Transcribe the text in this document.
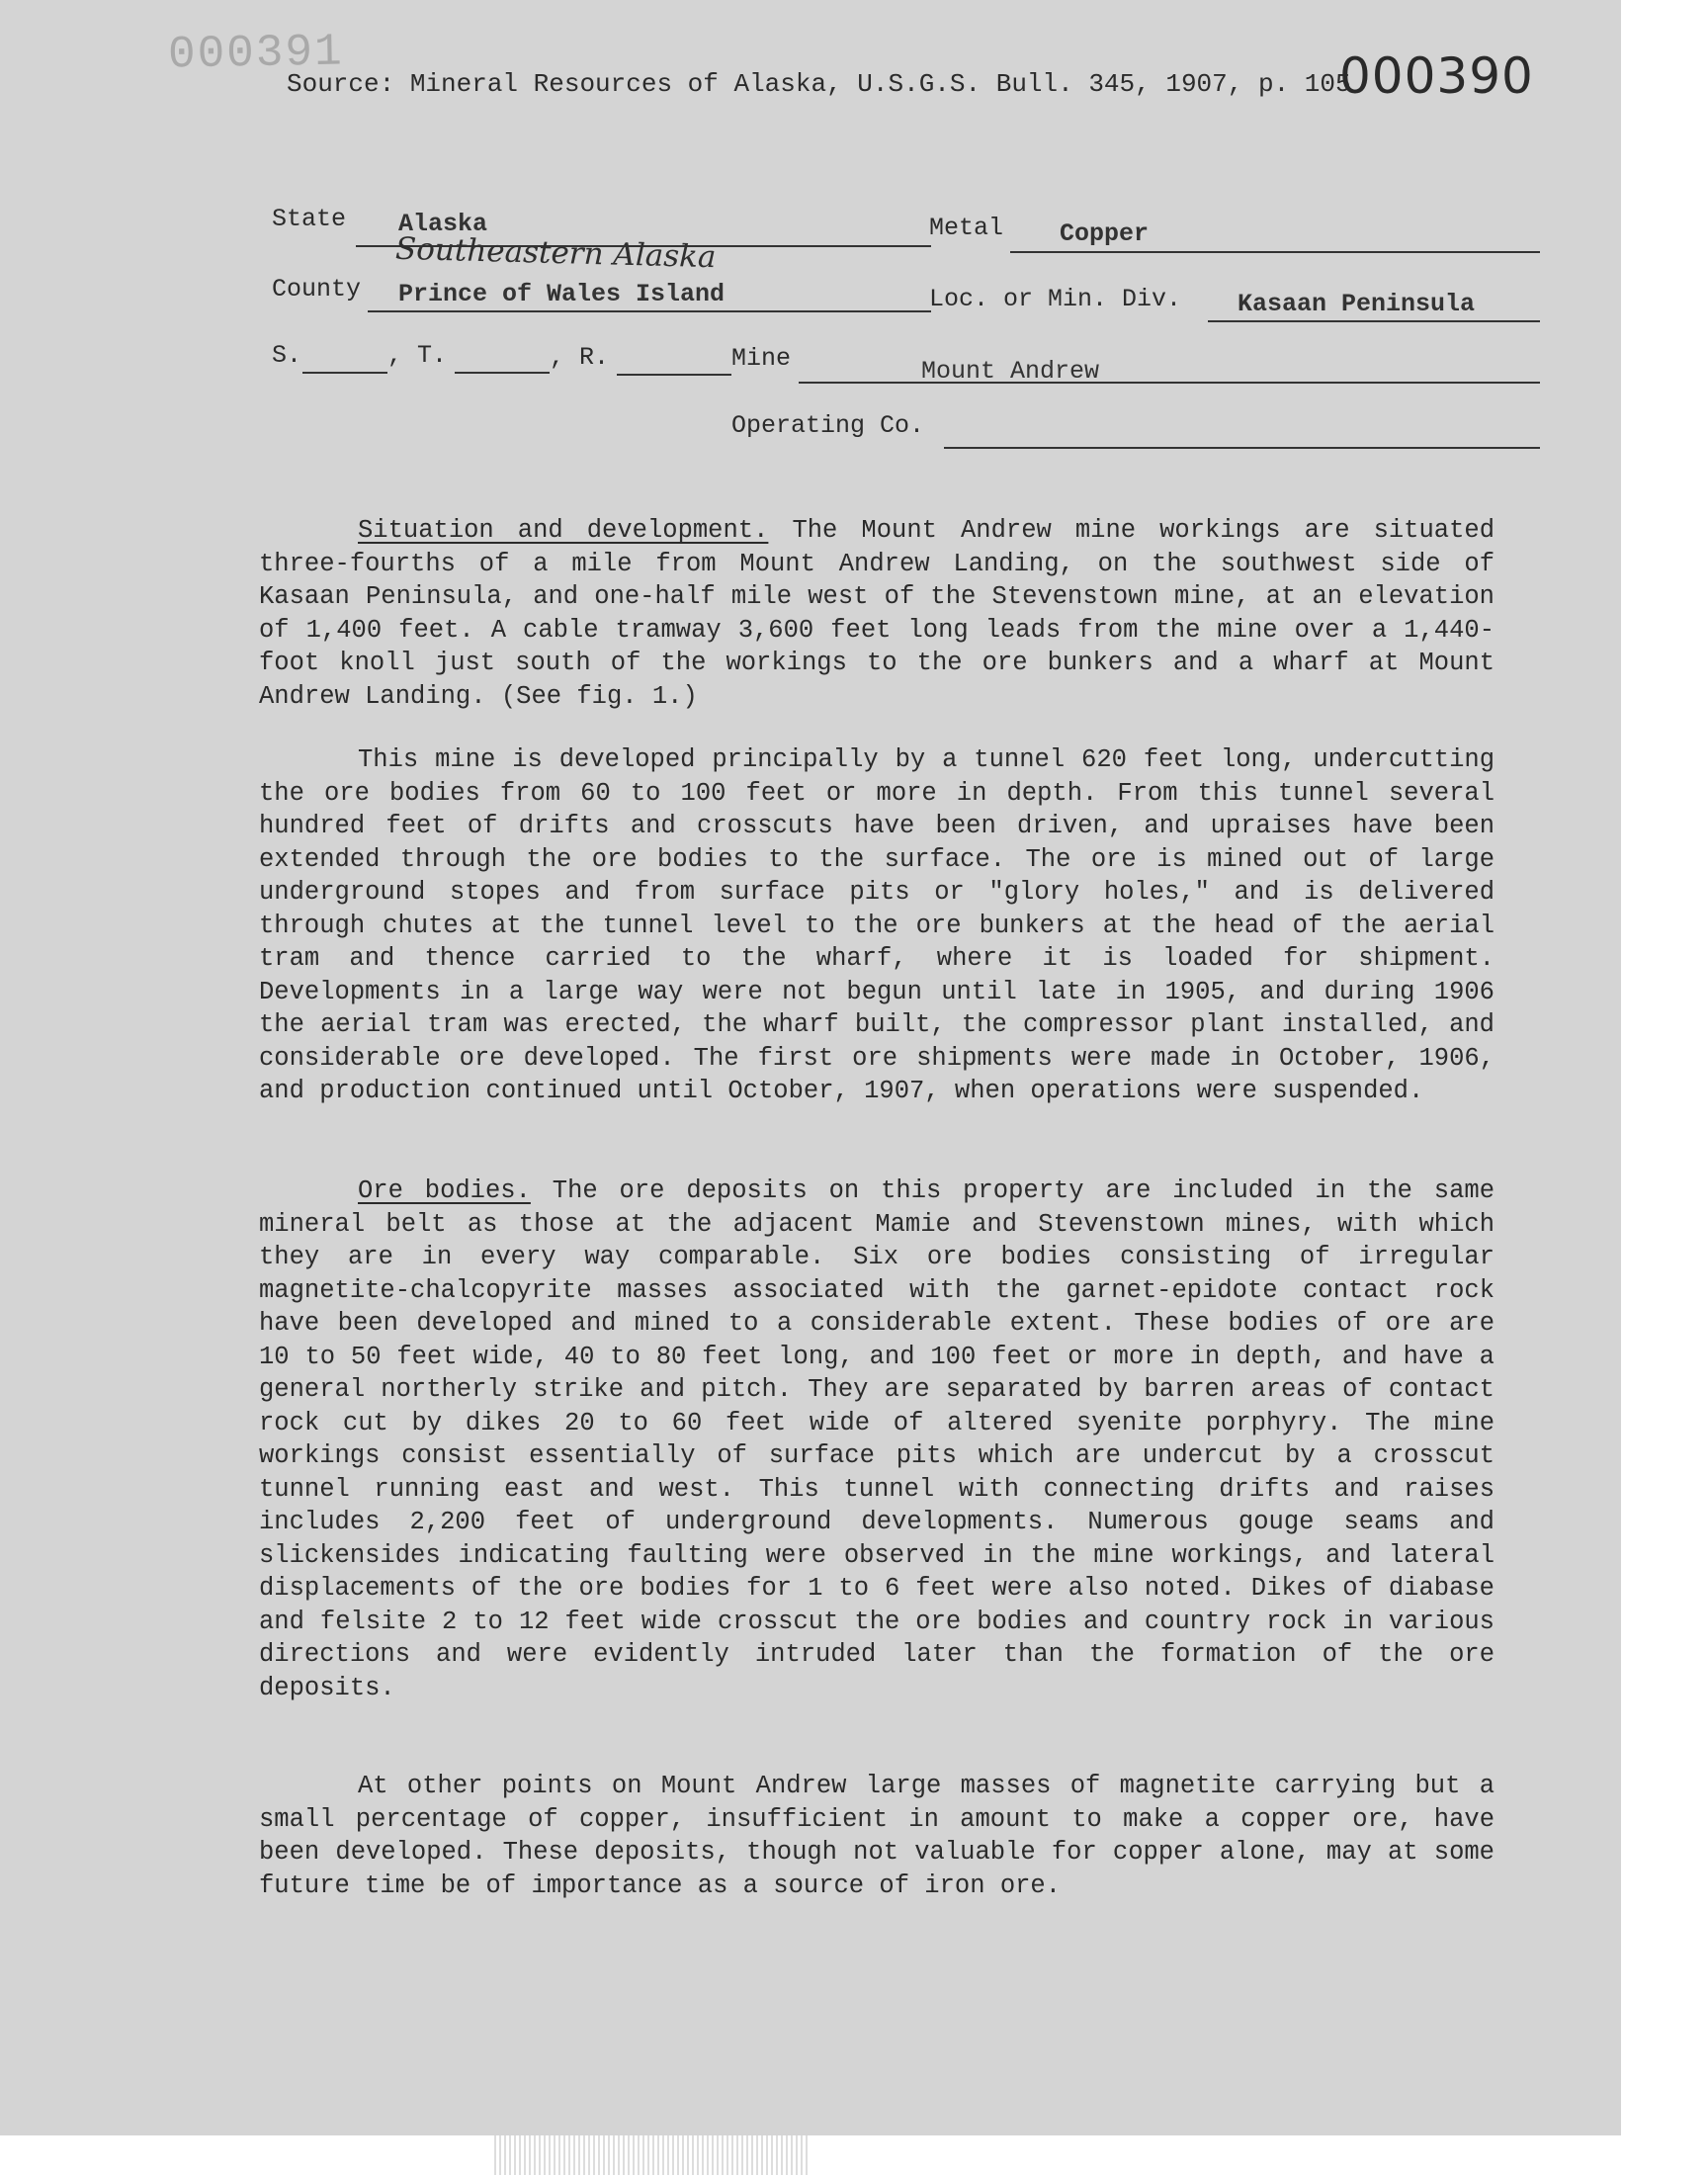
000391	000390
Source: Mineral Resources of Alaska, U.S.G.S. Bull. 345, 1907, p. 105
State Alaska	Metal Copper
Southeastern Alaska
County Prince of Wales Island	Loc. or Min. Div. Kasaan Peninsula
S.	, T.	, R.	Mine	Mount Andrew
Operating Co.

Situation and development. The Mount Andrew mine workings are situated three-fourths of a mile from Mount Andrew Landing, on the southwest side of Kasaan Peninsula, and one-half mile west of the Stevenstown mine, at an elevation of 1,400 feet. A cable tramway 3,600 feet long leads from the mine over a 1,440-foot knoll just south of the workings to the ore bunkers and a wharf at Mount Andrew Landing. (See fig. 1.)

This mine is developed principally by a tunnel 620 feet long, undercutting the ore bodies from 60 to 100 feet or more in depth. From this tunnel several hundred feet of drifts and crosscuts have been driven, and upraises have been extended through the ore bodies to the surface. The ore is mined out of large underground stopes and from surface pits or "glory holes," and is delivered through chutes at the tunnel level to the ore bunkers at the head of the aerial tram and thence carried to the wharf, where it is loaded for shipment. Developments in a large way were not begun until late in 1905, and during 1906 the aerial tram was erected, the wharf built, the compressor plant installed, and considerable ore developed. The first ore shipments were made in October, 1906, and production continued until October, 1907, when operations were suspended.

Ore bodies. The ore deposits on this property are included in the same mineral belt as those at the adjacent Mamie and Stevenstown mines, with which they are in every way comparable. Six ore bodies consisting of irregular magnetite-chalcopyrite masses associated with the garnet-epidote contact rock have been developed and mined to a considerable extent. These bodies of ore are 10 to 50 feet wide, 40 to 80 feet long, and 100 feet or more in depth, and have a general northerly strike and pitch. They are separated by barren areas of contact rock cut by dikes 20 to 60 feet wide of altered syenite porphyry. The mine workings consist essentially of surface pits which are undercut by a crosscut tunnel running east and west. This tunnel with connecting drifts and raises includes 2,200 feet of underground developments. Numerous gouge seams and slickensides indicating faulting were observed in the mine workings, and lateral displacements of the ore bodies for 1 to 6 feet were also noted. Dikes of diabase and felsite 2 to 12 feet wide crosscut the ore bodies and country rock in various directions and were evidently intruded later than the formation of the ore deposits.

At other points on Mount Andrew large masses of magnetite carrying but a small percentage of copper, insufficient in amount to make a copper ore, have been developed. These deposits, though not valuable for copper alone, may at some future time be of importance as a source of iron ore.
